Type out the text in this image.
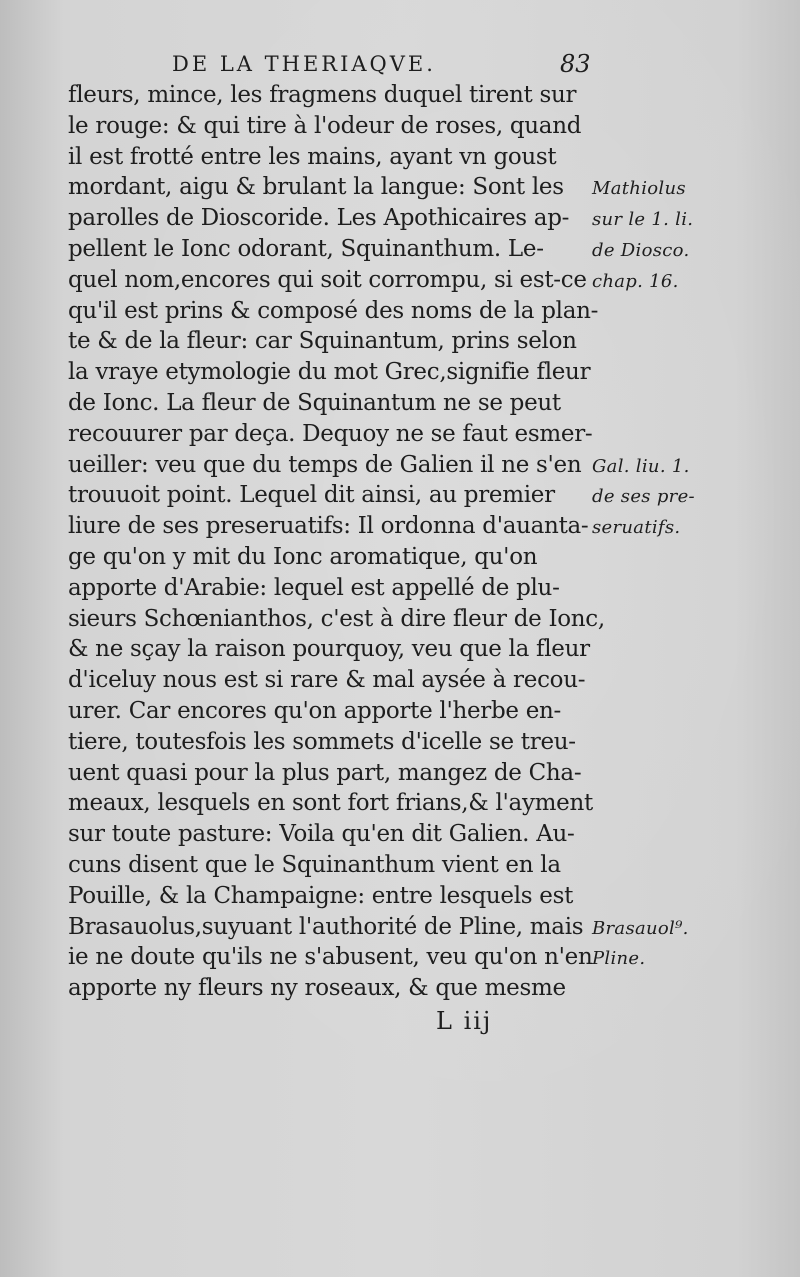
DE LA THERIAQVE.	83
fleurs, mince, les fragmens duquel tirent sur
le rouge: & qui tire à l'odeur de roses, quand
il est frotté entre les mains, ayant vn goust
mordant, aigu & brulant la langue: Sont les
parolles de Dioscoride. Les Apothicaires ap-
pellent le Ionc odorant, Squinanthum. Le-
quel nom,encores qui soit corrompu, si est-ce
qu'il est prins & composé des noms de la plan-
te & de la fleur: car Squinantum, prins selon
la vraye etymologie du mot Grec,signifie fleur
de Ionc. La fleur de Squinantum ne se peut
recouurer par deça. Dequoy ne se faut esmer-
ueiller: veu que du temps de Galien il ne s'en
trouuoit point. Lequel dit ainsi, au premier
liure de ses preseruatifs: Il ordonna d'auanta-
ge qu'on y mit du Ionc aromatique, qu'on
apporte d'Arabie: lequel est appellé de plu-
sieurs Schœnianthos, c'est à dire fleur de Ionc,
& ne sçay la raison pourquoy, veu que la fleur
d'iceluy nous est si rare & mal aysée à recou-
urer. Car encores qu'on apporte l'herbe en-
tiere, toutesfois les sommets d'icelle se treu-
uent quasi pour la plus part, mangez de Cha-
meaux, lesquels en sont fort frians,& l'ayment
sur toute pasture: Voila qu'en dit Galien. Au-
cuns disent que le Squinanthum vient en la
Pouille, & la Champaigne: entre lesquels est
Brasauolus,suyuant l'authorité de Pline, mais
ie ne doute qu'ils ne s'abusent, veu qu'on n'en
apporte ny fleurs ny roseaux, & que mesme
Mathiolus
sur le 1. li.
de Diosco.
chap. 16.
Gal. liu. 1.
de ses pre-
seruatifs.
Brasauol⁹.
Pline.
L iij
